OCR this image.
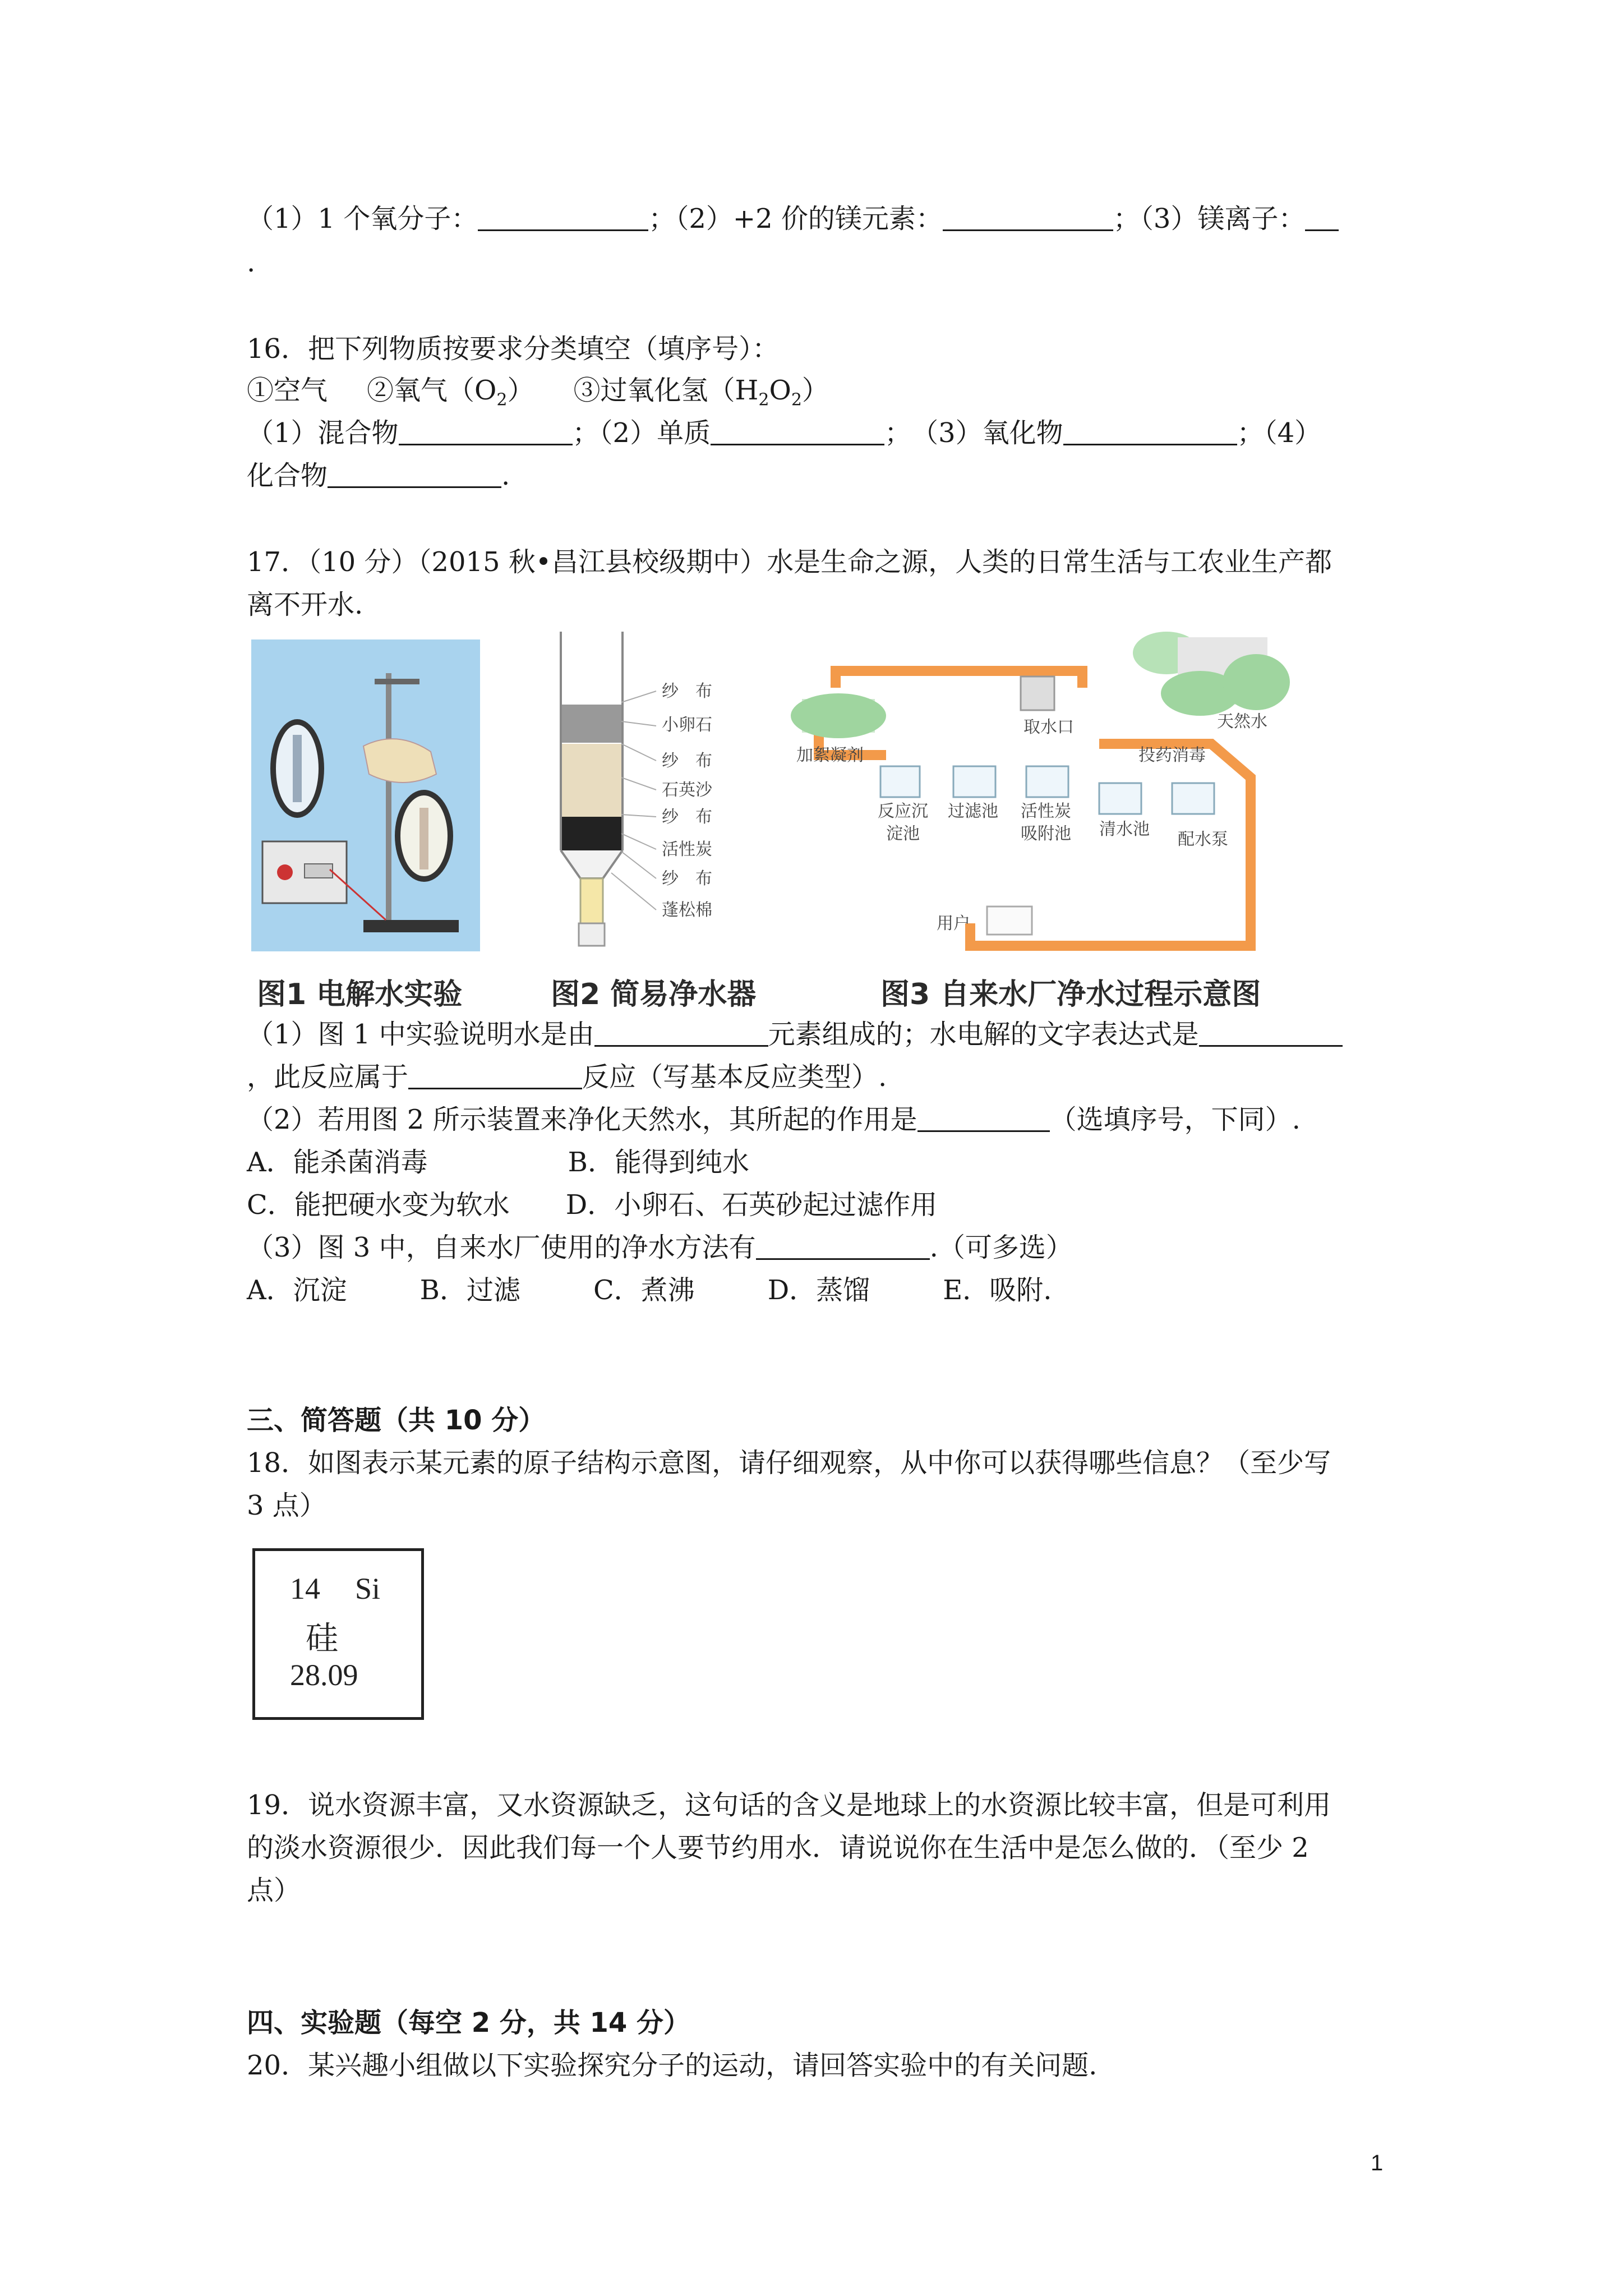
（1）1 个氧分子：	；（2）+2 价的镁元素：	；（3）镁离子：
.
16．把下列物质按要求分类填空（填序号）：
①空气 ②氧气$(O_2)$ ③过氧化氢$(H_2O_2)$
（1）混合物	；（2）单质	；　（3）氧化物	；（4）
化合物	.
17．（10 分）（2015 秋•昌江县校级期中）水是生命之源，人类的日常生活与工农业生产都
离不开水.
纱　布
小卵石
纱　布
石英沙
纱　布
活性炭
纱　布
蓬松棉
加絮凝剂
取水口	天然水
投药消毒
反应沉
淀池
过滤池 活性炭
吸附池 清水池
配水泵
用户
图1 电解水实验	图2 简易净水器	图3 自来水厂净水过程示意图
（1）图 1 中实验说明水是由	元素组成的；水电解的文字表达式是
，此反应属于	反应（写基本反应类型）.
（2）若用图 2 所示装置来净化天然水，其所起的作用是	（选填序号，下同）.
A．能杀菌消毒	B．能得到纯水
C．能把硬水变为软水 D．小卵石、石英砂起过滤作用
（3）图 3 中，自来水厂使用的净水方法有	.（可多选）
A．沉淀	B．过滤	C．煮沸	D．蒸馏	E．吸附.
三、简答题（共 10 分）
18．如图表示某元素的原子结构示意图，请仔细观察，从中你可以获得哪些信息？（至少写
3 点）
14 Si
硅
28.09
19．说水资源丰富，又水资源缺乏，这句话的含义是地球上的水资源比较丰富，但是可利用
的淡水资源很少．因此我们每一个人要节约用水．请说说你在生活中是怎么做的．（至少 2
点）
四、实验题（每空 2 分，共 14 分）
20．某兴趣小组做以下实验探究分子的运动，请回答实验中的有关问题.
1
